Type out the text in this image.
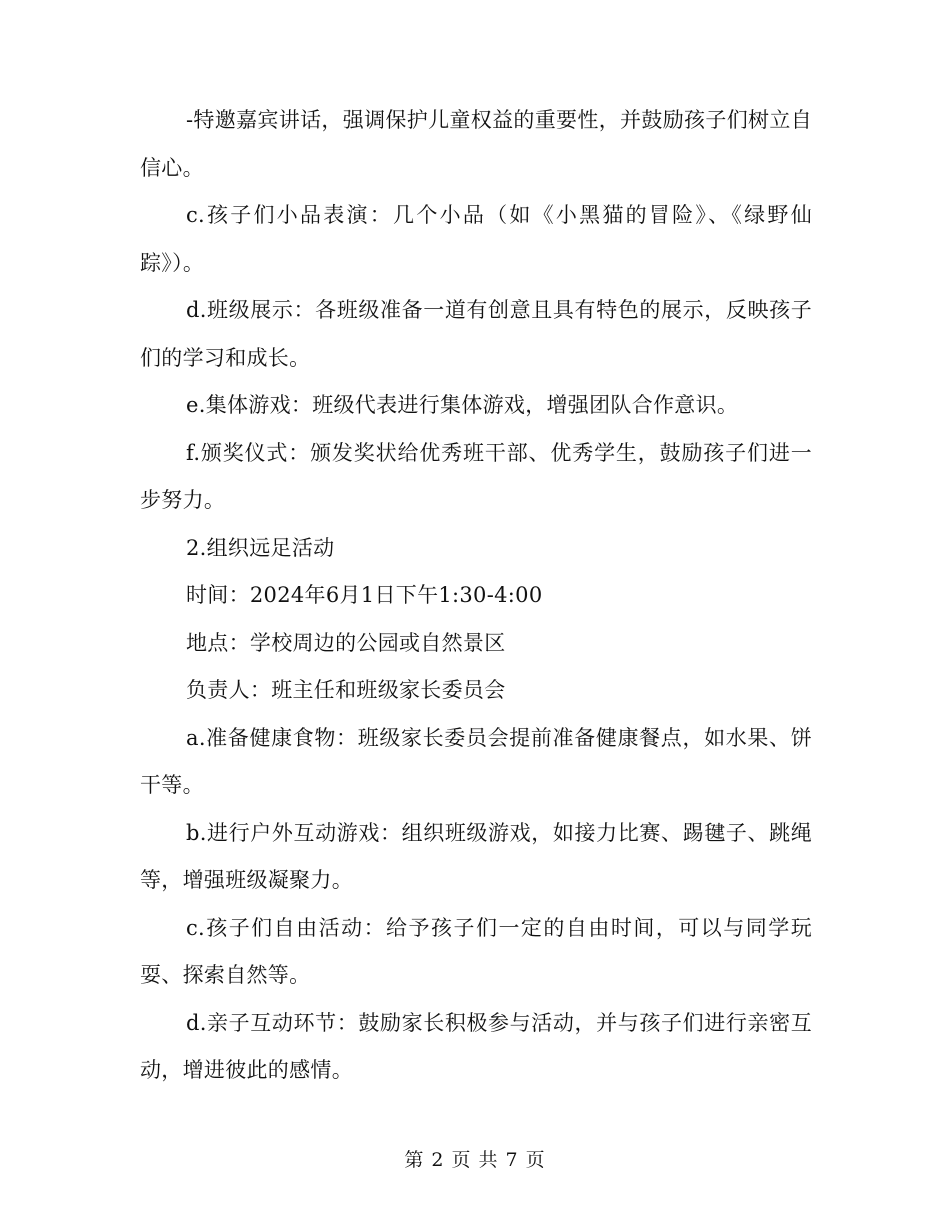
-特邀嘉宾讲话，强调保护儿童权益的重要性，并鼓励孩子们树立自信心。

c.孩子们小品表演：几个小品（如《小黑猫的冒险》、《绿野仙踪》）。

d.班级展示：各班级准备一道有创意且具有特色的展示，反映孩子们的学习和成长。

e.集体游戏：班级代表进行集体游戏，增强团队合作意识。

f.颁奖仪式：颁发奖状给优秀班干部、优秀学生，鼓励孩子们进一步努力。

2.组织远足活动

时间：2024年6月1日下午1:30-4:00

地点：学校周边的公园或自然景区

负责人：班主任和班级家长委员会

a.准备健康食物：班级家长委员会提前准备健康餐点，如水果、饼干等。

b.进行户外互动游戏：组织班级游戏，如接力比赛、踢毽子、跳绳等，增强班级凝聚力。

c.孩子们自由活动：给予孩子们一定的自由时间，可以与同学玩耍、探索自然等。

d.亲子互动环节：鼓励家长积极参与活动，并与孩子们进行亲密互动，增进彼此的感情。

第 2 页 共 7 页
